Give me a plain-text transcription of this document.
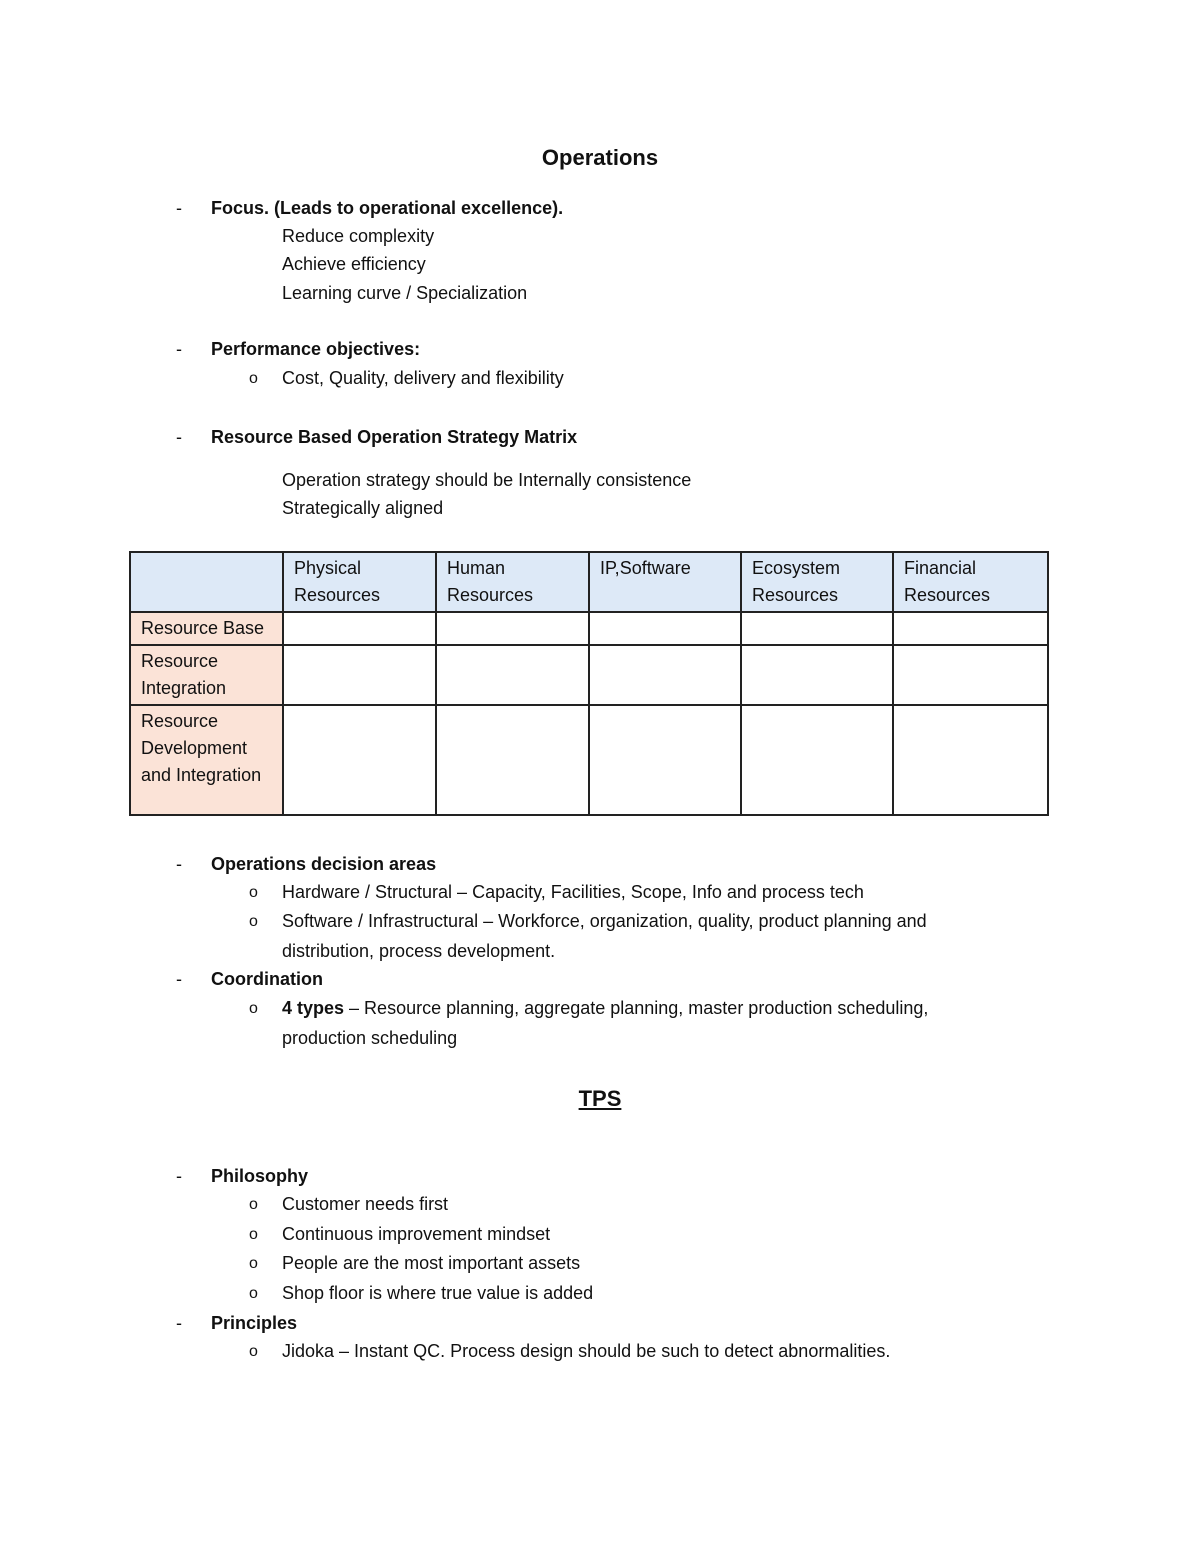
Operations
- Focus. (Leads to operational excellence).
Reduce complexity
Achieve efficiency
Learning curve / Specialization
- Performance objectives:
o Cost, Quality, delivery and flexibility
- Resource Based Operation Strategy Matrix
Operation strategy should be Internally consistence
Strategically aligned
	Physical Resources	Human Resources	IP,Software	Ecosystem Resources	Financial Resources
Resource Base					
Resource Integration					
Resource Development and Integration					
- Operations decision areas
o Hardware / Structural – Capacity, Facilities, Scope, Info and process tech
o Software / Infrastructural – Workforce, organization, quality, product planning and
distribution, process development.
- Coordination
o 4 types – Resource planning, aggregate planning, master production scheduling,
production scheduling
TPS
- Philosophy
o Customer needs first
o Continuous improvement mindset
o People are the most important assets
o Shop floor is where true value is added
- Principles
o Jidoka – Instant QC. Process design should be such to detect abnormalities.
